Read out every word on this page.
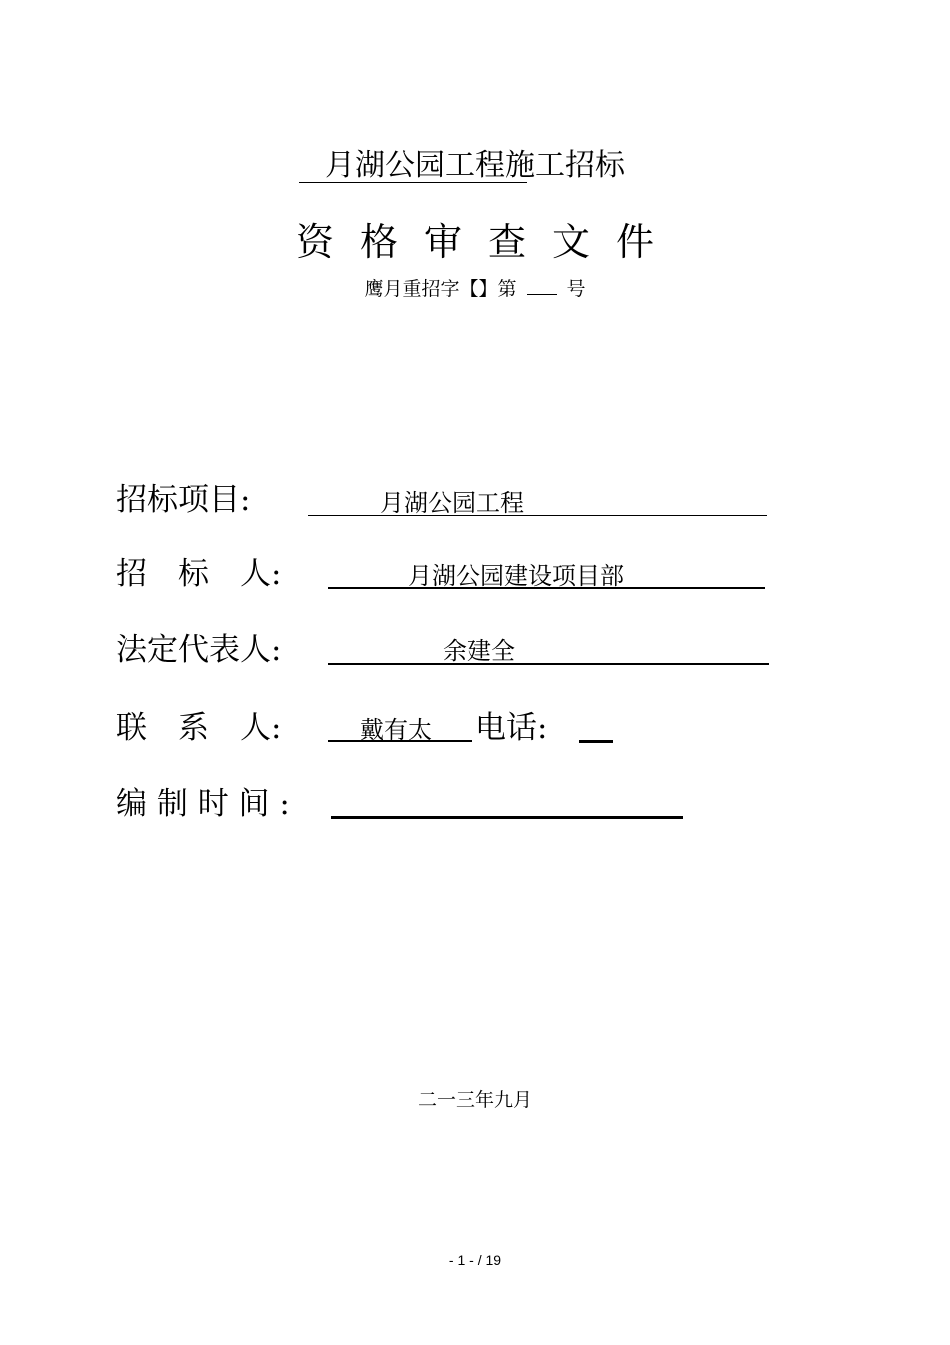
月湖公园工程施工招标
资格审查文件
鹰月重招字【】第	号
招标项目:	月湖公园工程
招　标　人:	月湖公园建设项目部
法定代表人:	余建全
联　系　人:	戴有太 电话:
编 制 时 间 :
二一三年九月
- 1 - / 19
